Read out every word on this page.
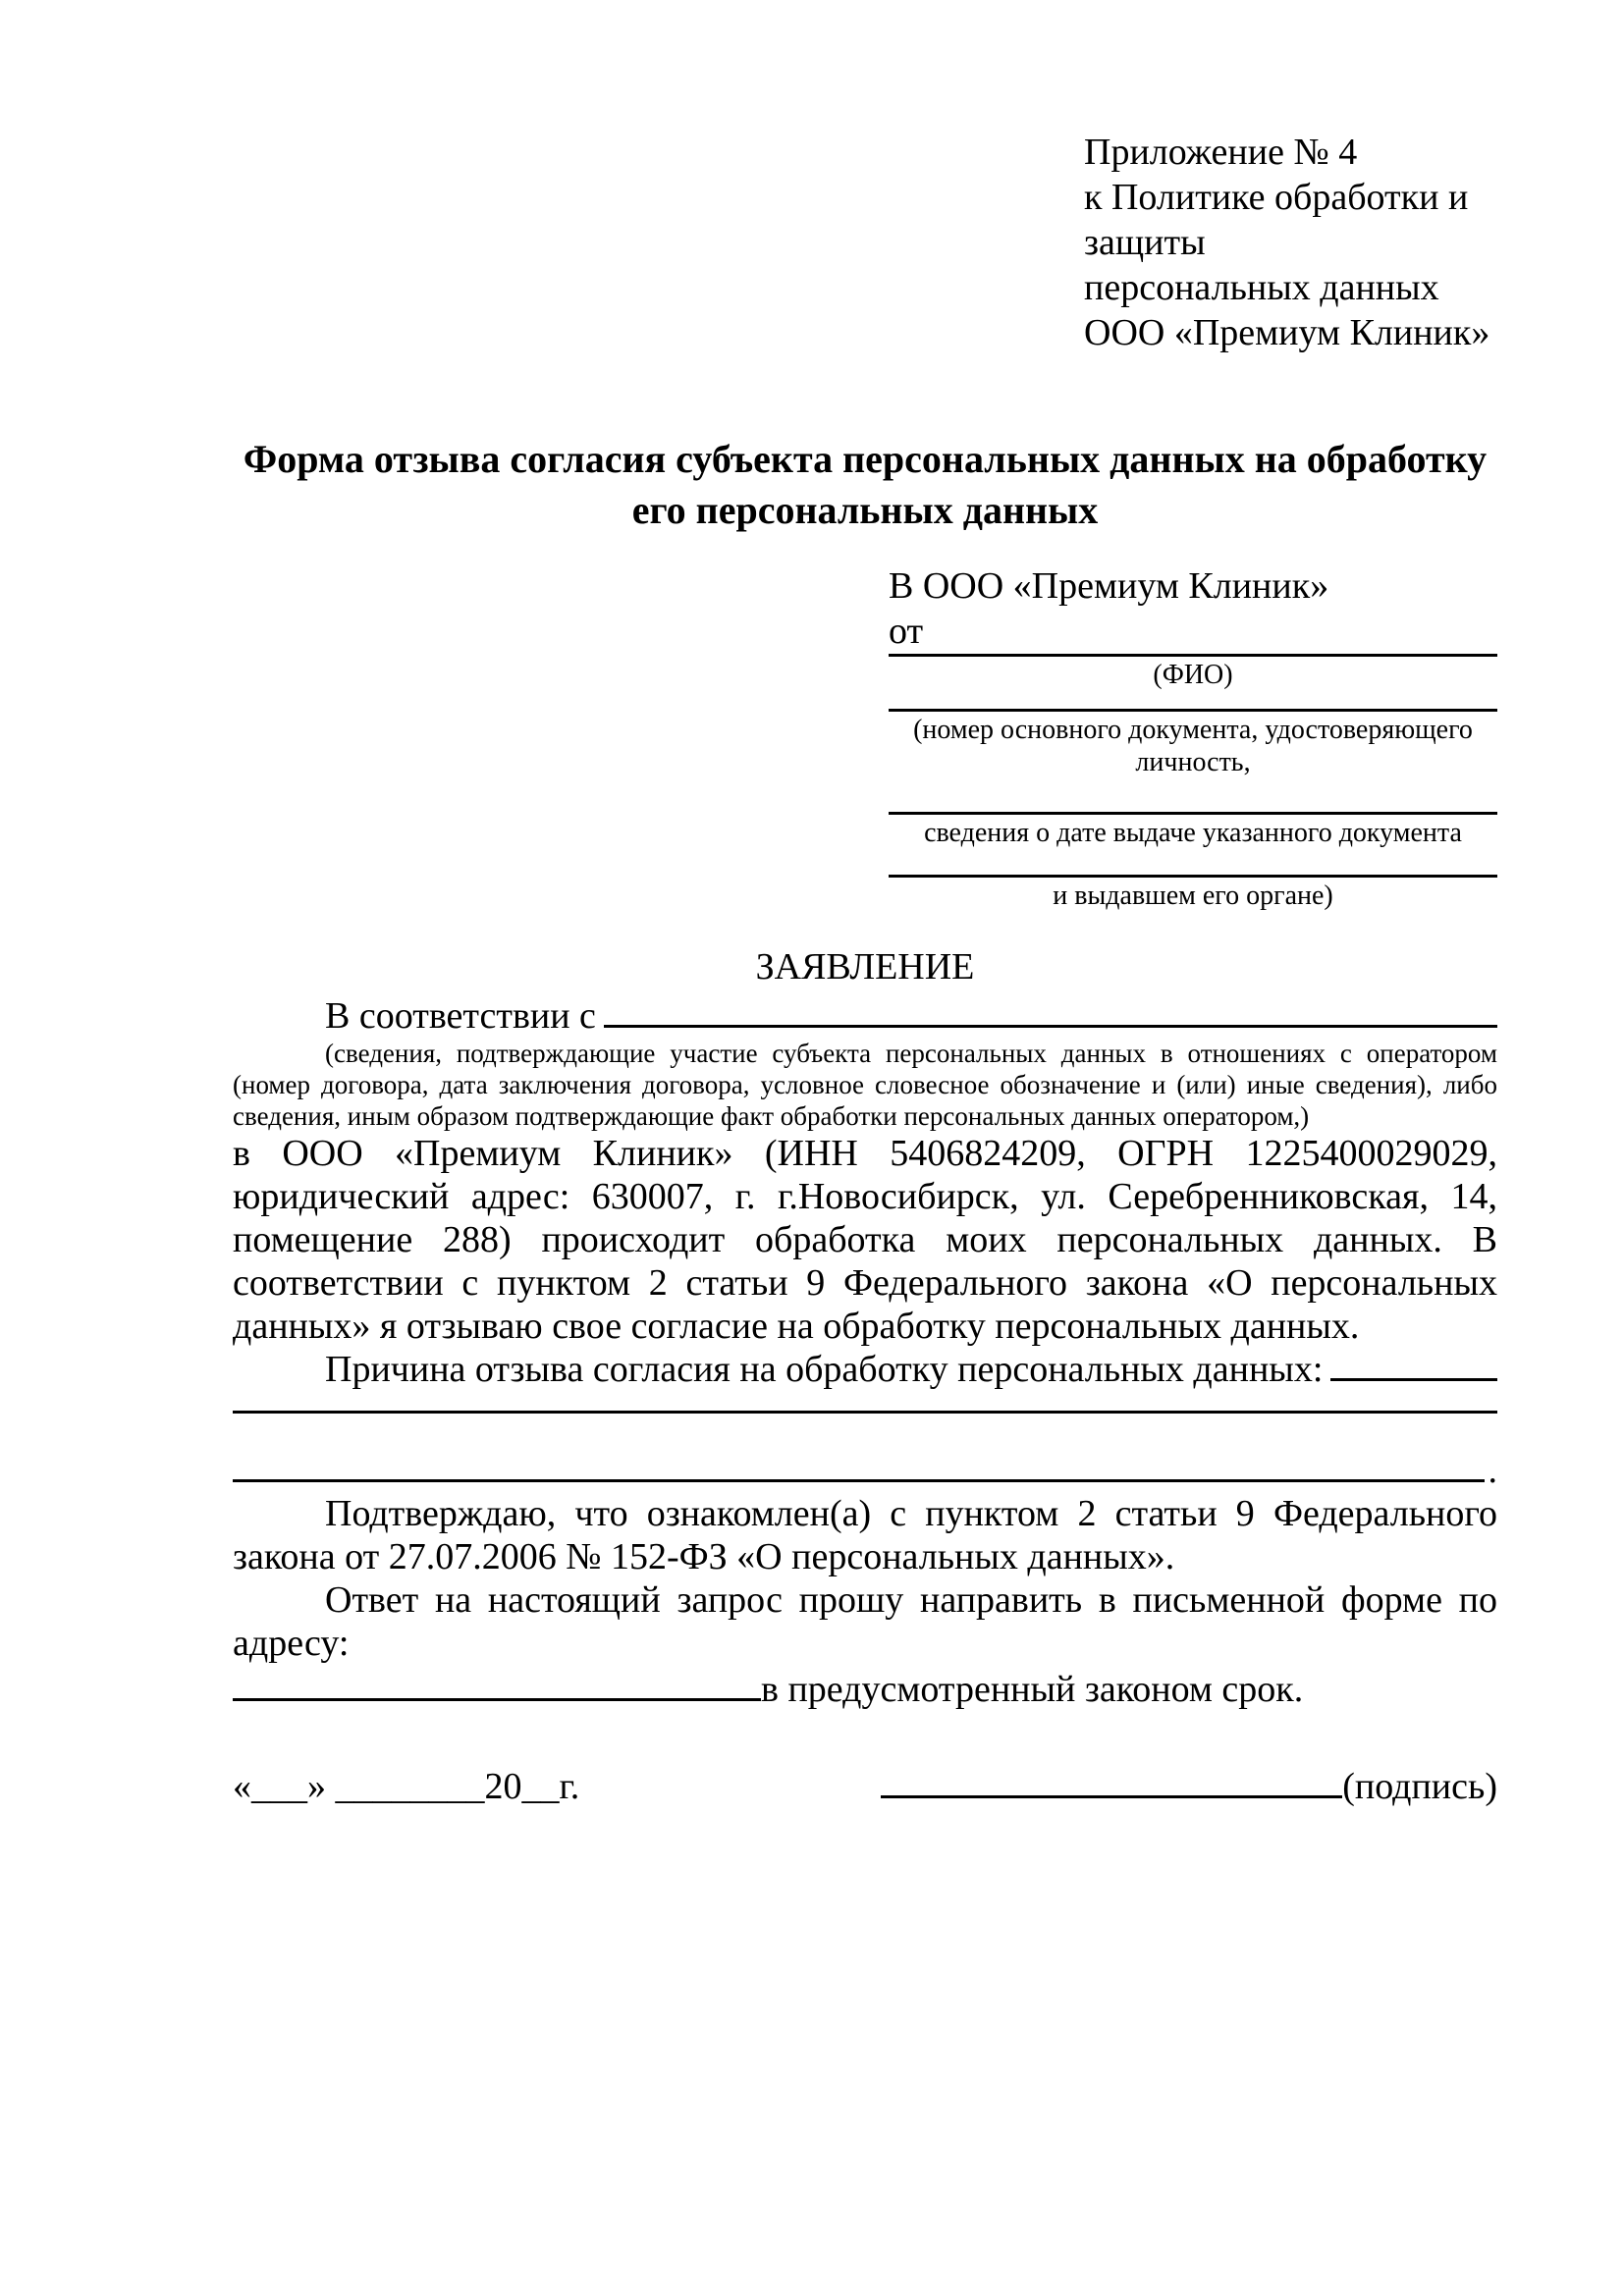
Приложение № 4
к Политике обработки и защиты
персональных данных
ООО «Премиум Клиник»
Форма отзыва согласия субъекта персональных данных на обработку его персональных данных
В ООО «Премиум Клиник»
от
(ФИО)
(номер основного документа, удостоверяющего личность,
сведения о дате выдаче указанного документа
и выдавшем его органе)
ЗАЯВЛЕНИЕ
В соответствии с

(сведения, подтверждающие участие субъекта персональных данных в отношениях с оператором (номер договора, дата заключения договора, условное словесное обозначение и (или) иные сведения), либо сведения, иным образом подтверждающие факт обработки персональных данных оператором,)

в ООО «Премиум Клиник» (ИНН 5406824209, ОГРН 1225400029029, юридический адрес: 630007, г. г.Новосибирск, ул. Серебренниковская, 14, помещение 288) происходит обработка моих персональных данных. В соответствии с пунктом 2 статьи 9 Федерального закона «О персональных данных» я отзываю свое согласие на обработку персональных данных.

Причина отзыва согласия на обработку персональных данных:
.

Подтверждаю, что ознакомлен(а) с пунктом 2 статьи 9 Федерального закона от 27.07.2006 № 152-ФЗ «О персональных данных».

Ответ на настоящий запрос прошу направить в письменной форме по адресу:

в предусмотренный законом срок.
«___» ________20__г.	(подпись)
